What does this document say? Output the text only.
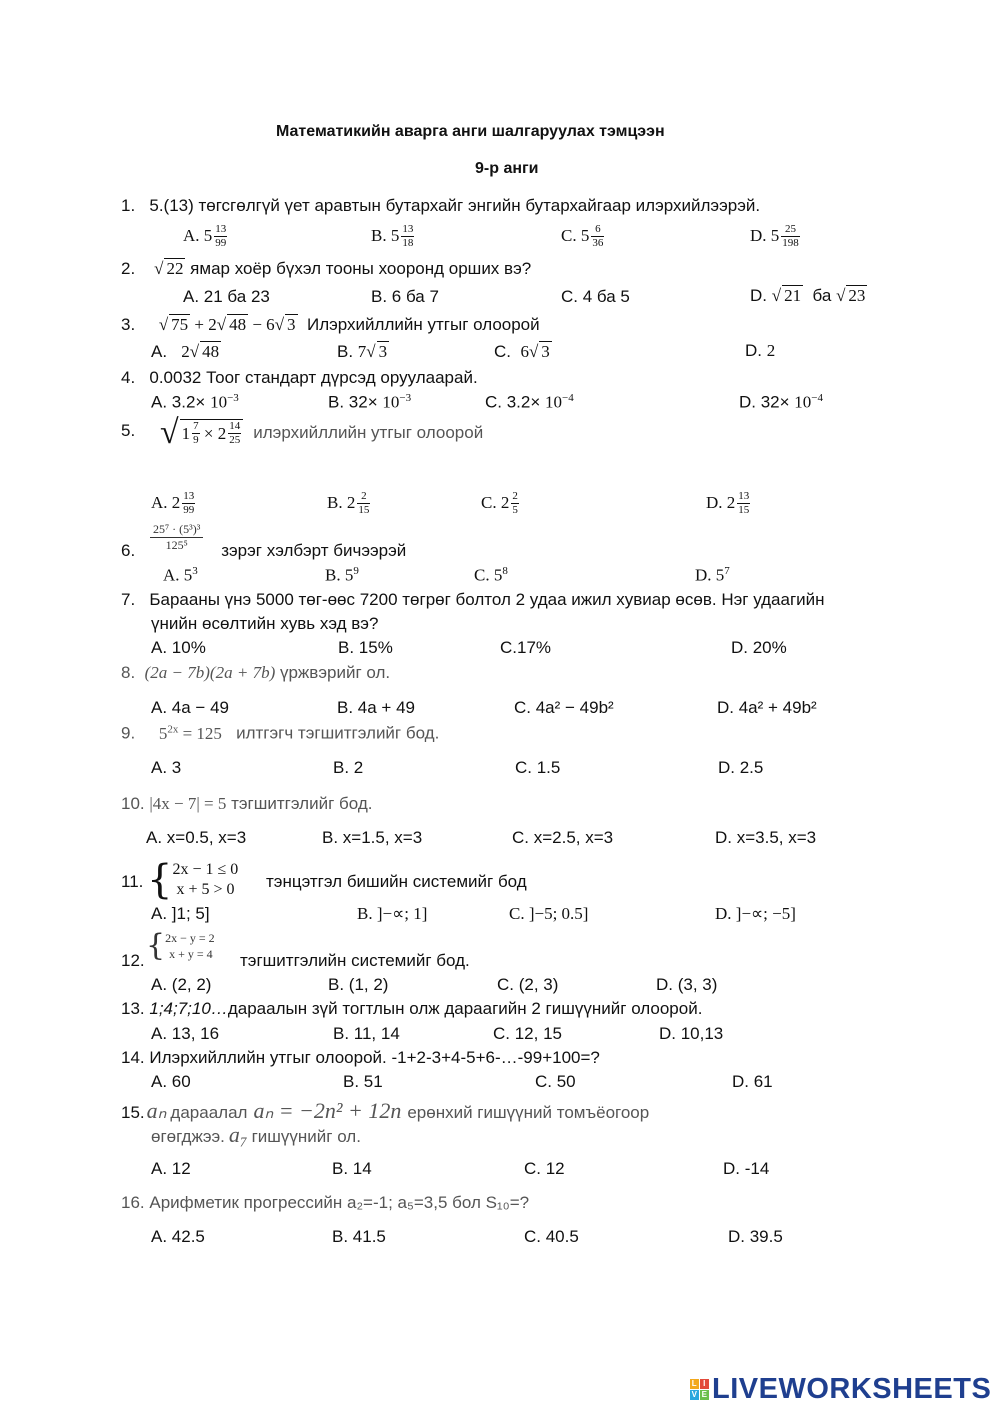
Математикийн аварга анги шалгаруулах тэмцээн
9-р анги
1. 5.(13) төгсгөлгүй үет аравтын бутархайг энгийн бутархайгаар илэрхийлээрэй.
A. $5 \frac{13}{99}$	B. $5 \frac{13}{18}$	C. $5 \frac{6}{36}$	D. $5 \frac{25}{198}$
2. √ 22 ямар хоёр бүхэл тооны хооронд орших вэ?
A. 21 ба 23	B. 6 ба 7	C. 4 ба 5	D. √ 21 ба √ 23
3. √ 75 + 2√ 48 − 6√ 3 Илэрхийллийн утгыг олоорой
A. 2√ 48	B. 7√ 3	C. 6√ 3	D. 2
4. 0.0032 Тоог стандарт дүрсэд оруулаарай.
A. $3.2\times 10^{-3}$	B. $32\times 10^{-3}$	C. $3.2\times 10^{-4}$	D. $32\times 10^{-4}$
5. √ $1 \frac{7}{9}$
× $2 \frac{14}{25}$ илэрхийллийн утгыг олоорой
A. $2 \frac{13}{99}$	B. $2 \frac{2}{15}$	C. $2 \frac{2}{5}$	D. $2 \frac{13}{15}$
25⁷ · (5³)³
125⁵
6.	зэрэг хэлбэрт бичээрэй
A. $5^3$	B. $5^9$	C. $5^8$	D. $5^7$
7. Барааны үнэ 5000 төг-өөс 7200 төгрөг болтол 2 удаа ижил хувиар өсөв. Нэг удаагийн
үнийн өсөлтийн хувь хэд вэ?
A. 10%	B. 15%	C.17%	D. 20%
8. (2a − 7b)(2a + 7b) үржвэрийг ол.
A. 4a − 49	B. 4a + 49	C. 4a² − 49b²	D. 4a² + 49b²
9. $5^{2x} = 125$ илтгэгч тэгшитгэлийг бод.
A. 3	B. 2	C. 1.5	D. 2.5
10. |4x − 7| = 5 тэгшитгэлийг бод.
A. x=0.5, x=3	B. x=1.5, x=3	C. x=2.5, x=3	D. x=3.5, x=3
11. { 2x − 1 ≤ 0
x + 5 > 0 тэнцэтгэл бишийн системийг бод
A. ]1; 5]	B. ]−∝; 1]	C. ]−5; 0.5]	D. ]−∝; −5]
{ 2x − y = 2
x + y = 4
12.	тэгшитгэлийн системийг бод.
A. (2, 2)	B. (1, 2)	C. (2, 3)	D. (3, 3)
13. 1;4;7;10…дараалын зүй тогтлын олж дараагийн 2 гишүүнийг олоорой.
A. 13, 16	B. 11, 14	C. 12, 15	D. 10,13
14. Илэрхийллийн утгыг олоорой. -1+2-3+4-5+6-…-99+100=?
A. 60	B. 51	C. 50	D. 61
15. aₙ дараалал aₙ = −2n² + 12n ерөнхий гишүүний томъёогоор
өгөгджээ. a₇ гишүүнийг ол.
A. 12	B. 14	C. 12	D. -14
16. Арифметик прогрессийн a₂=-1; a₅=3,5 бол S₁₀=?
A. 42.5	B. 41.5	C. 40.5	D. 39.5
L I
V E LIVEWORKSHEETS
